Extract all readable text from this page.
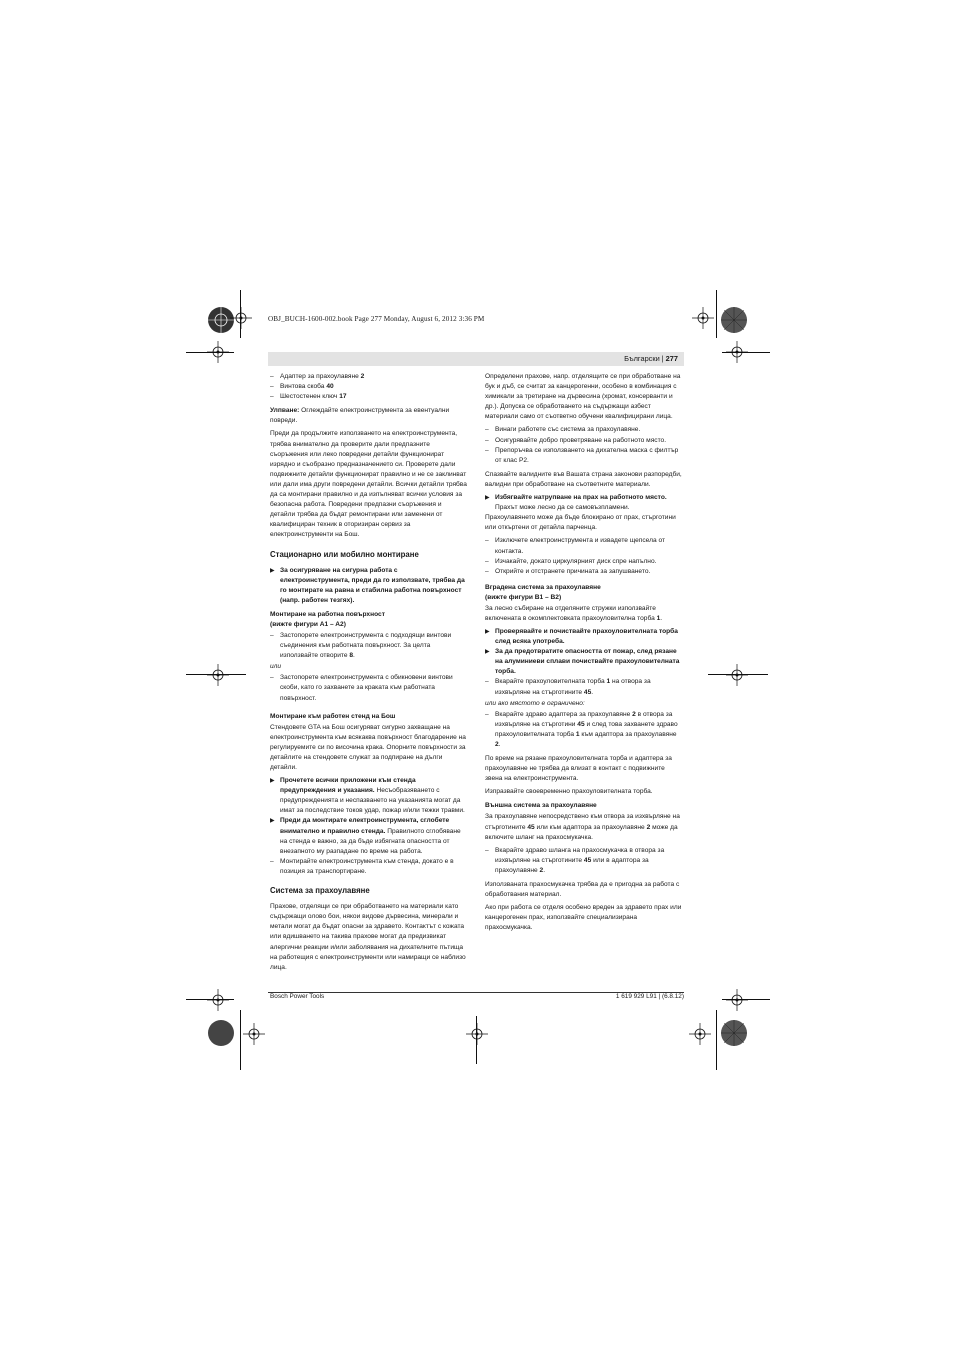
OBJ_BUCH-1600-002.book Page 277 Monday, August 6, 2012 3:36 PM
Български | 277

– Адаптер за прахоулавяне 2

– Винтова скоба 40

– Шестостенен ключ 17

Улпване: Оглеждайте електроинструмента за евентуални повреди.

Преди да продължите използването на електроинструмента, трябва внимателно да проверите дали предпазните съоръжения или леко повредени детайли функционират изрядно и съобразно предназначението си. Проверете дали подвижните детайли функционират правилно и не се заклинват или дали има други повредени детайли. Всички детайли трябва да са монтирани правилно и да изпълняват всички условия за безопасна работа. Повредени предпазни съоръжения и детайли трябва да бъдат ремонтирани или заменени от квалифициран техник в оторизиран сервиз за електроинструменти на Бош.

Стационарно или мобилно монтиране

▶ За осигуряване на сигурна работа с електроинструмента, преди да го използвате, трябва да го монтирате на равна и стабилна работна повърхност (напр. работен тезгях).

Монтиране на работна повърхност
(вижте фигури A1 – A2)

– Застопорете електроинструмента с подходящи винтови съединения към работната повърхност. За целта използвайте отворите 8.

или

– Застопорете електроинструмента с обикновени винтови скоби, като го захванете за краката към работната повърхност.

Монтиране към работен стенд на Бош

Стендовете GTA на Бош осигуряват сигурно захващане на електроинструмента към всякаква повърхност благодарение на регулируемите си по височина крака. Опорните повърхности за детайлите на стендовете служат за подпиране на дълги детайли.

▶ Прочетете всички приложени към стенда предупреждения и указания. Несъобразяването с предупрежденията и неспазването на указанията могат да имат за последствие токов удар, пожар и/или тежки травми.

▶ Преди да монтирате електроинструмента, сглобете внимателно и правилно стенда. Правилното сглобяване на стенда е важно, за да бъде избягната опасността от внезапното му разпадане по време на работа.

– Монтирайте електроинструмента към стенда, докато е в позиция за транспортиране.

Система за прахоулавяне

Прахове, отделящи се при обработването на материали като съдържащи олово бои, някои видове дървесина, минерали и метали могат да бъдат опасни за здравето. Контактът с кожата или вдишването на такива прахове могат да предизвикат алергични реакции и/или заболявания на дихателните пътища на работещия с електроинструменти или намиращи се наблизо лица.

Определени прахове, напр. отделящите се при обработване на бук и дъб, се считат за канцерогенни, особено в комбинация с химикали за третиране на дървесина (хромат, консерванти и др.). Допуска се обработването на съдържащи азбест материали само от съответно обучени квалифицирани лица.

– Винаги работете със система за прахоулавяне.

– Осигурявайте добро проветряване на работното място.

– Препоръчва се използването на дихателна маска с филтър от клас P2.

Спазвайте валидните във Вашата страна законови разпоредби, валидни при обработване на съответните материали.

▶ Избягвайте натрупване на прах на работното място.
Прахът може лесно да се самовъзпламени.

Прахоулавянето може да бъде блокирано от прах, стърготини или откъртени от детайла парченца.

– Изключете електроинструмента и извадете щепсела от контакта.

– Изчакайте, докато циркулярният диск спре напълно.

– Открийте и отстранете причината за запушването.

Вградена система за прахоулавяне
(вижте фигури B1 – B2)

За лесно събиране на отделяните стружки използвайте включената в окомплектовката прахоуловителна торба 1.

▶ Проверявайте и почиствайте прахоуловителната торба след всяка употреба.

▶ За да предотвратите опасността от пожар, след рязане на алуминиеви сплави почиствайте прахоуловителната торба.

– Вкарайте прахоуловителната торба 1 на отвора за изхвърляне на стърготините 45.

или ако мястото е ограничено:

– Вкарайте здраво адаптера за прахоулавяне 2 в отвора за изхвърляне на стърготини 45 и след това захванете здраво прахоуловителната торба 1 към адаптора за прахоулавяне 2.

По време на рязане прахоуловителната торба и адаптера за прахоулавяне не трябва да влизат в контакт с подвижните звена на електроинструмента.

Изпразвайте своевременно прахоуловителната торба.

Външна система за прахоулавяне

За прахоулавяне непосредствено към отвора за изхвърляне на стърготините 45 или към адаптора за прахоулавяне 2 може да включите шланг на прахосмукачка.

– Вкарайте здраво шланга на прахосмукачка в отвора за изхвърляне на стърготините 45 или в адаптора за прахоулавяне 2.

Използваната прахосмукачка трябва да е пригодна за работа с обработвания материал.

Ако при работа се отделя особено вреден за здравето прах или канцерогенен прах, използвайте специализирана прахосмукачка.

Bosch Power Tools	1 619 929 L91 | (6.8.12)
